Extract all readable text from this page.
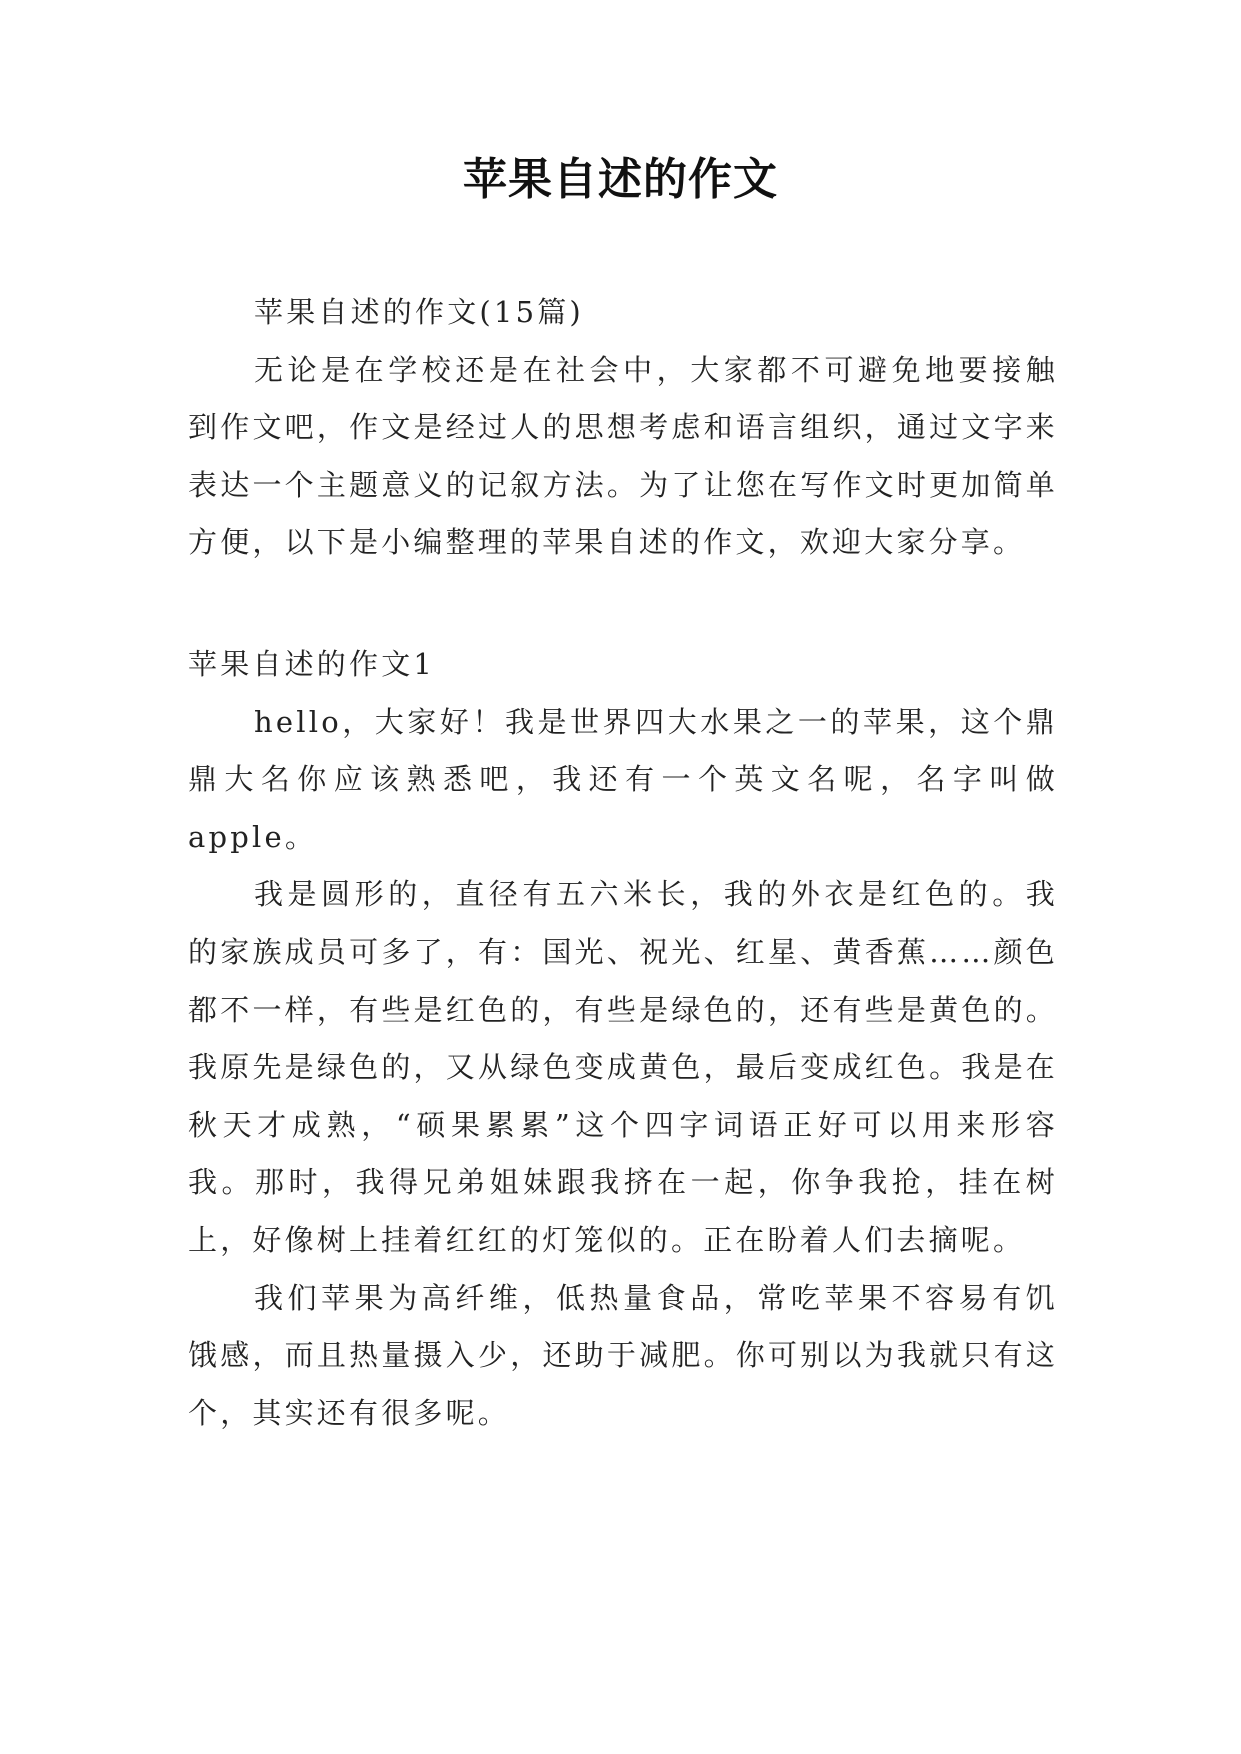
苹果自述的作文

苹果自述的作文(15篇)

无论是在学校还是在社会中，大家都不可避免地要接触到作文吧，作文是经过人的思想考虑和语言组织，通过文字来表达一个主题意义的记叙方法。为了让您在写作文时更加简单方便，以下是小编整理的苹果自述的作文，欢迎大家分享。

苹果自述的作文1

hello，大家好！我是世界四大水果之一的苹果，这个鼎鼎大名你应该熟悉吧，我还有一个英文名呢，名字叫做apple。

我是圆形的，直径有五六米长，我的外衣是红色的。我的家族成员可多了，有：国光、祝光、红星、黄香蕉……颜色都不一样，有些是红色的，有些是绿色的，还有些是黄色的。我原先是绿色的，又从绿色变成黄色，最后变成红色。我是在秋天才成熟，“硕果累累”这个四字词语正好可以用来形容我。那时，我得兄弟姐妹跟我挤在一起，你争我抢，挂在树上，好像树上挂着红红的灯笼似的。正在盼着人们去摘呢。

我们苹果为高纤维，低热量食品，常吃苹果不容易有饥饿感，而且热量摄入少，还助于减肥。你可别以为我就只有这个，其实还有很多呢。
